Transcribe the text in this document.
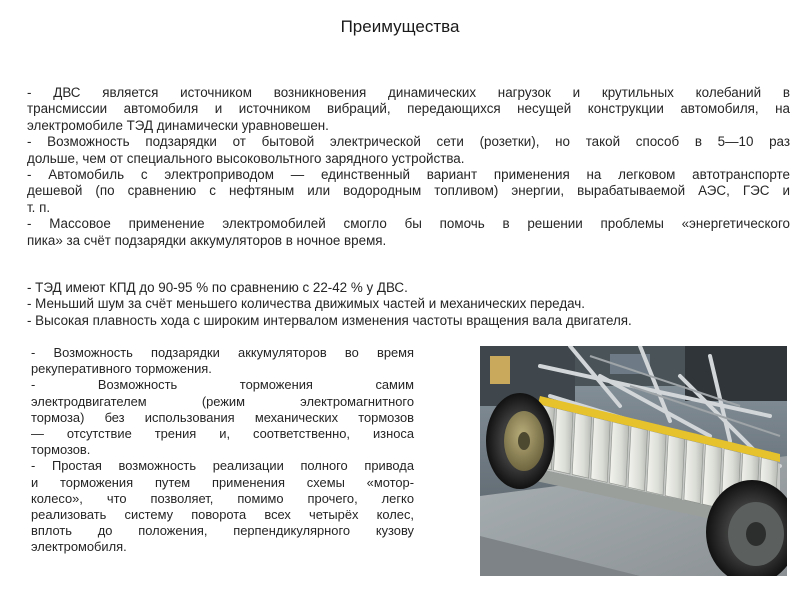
Преимущества

- ДВС является источником возникновения динамических нагрузок и крутильных колебаний в
трансмиссии автомобиля и источником вибраций, передающихся несущей конструкции автомобиля, на
электромобиле ТЭД динамически уравновешен.
- Возможность подзарядки от бытовой электрической сети (розетки), но такой способ в 5—10 раз
дольше, чем от специального высоковольтного зарядного устройства.
- Автомобиль с электроприводом — единственный вариант применения на легковом автотранспорте
дешевой (по сравнению с нефтяным или водородным топливом) энергии, вырабатываемой АЭС, ГЭС и
т. п.
- Массовое применение электромобилей смогло бы помочь в решении проблемы «энергетического
пика» за счёт подзарядки аккумуляторов в ночное время.

- ТЭД имеют КПД до 90-95 % по сравнению с 22-42 % у ДВС.
- Меньший шум за счёт меньшего количества движимых частей и механических передач.
- Высокая плавность хода с широким интервалом изменения частоты вращения вала двигателя.

- Возможность подзарядки аккумуляторов во время
рекуперативного торможения.
- Возможность торможения самим
электродвигателем (режим электромагнитного
тормоза) без использования механических тормозов
— отсутствие трения и, соответственно, износа
тормозов.
- Простая возможность реализации полного привода
и торможения путем применения схемы «мотор-
колесо», что позволяет, помимо прочего, легко
реализовать систему поворота всех четырёх колес,
вплоть до положения, перпендикулярного кузову
электромобиля.
